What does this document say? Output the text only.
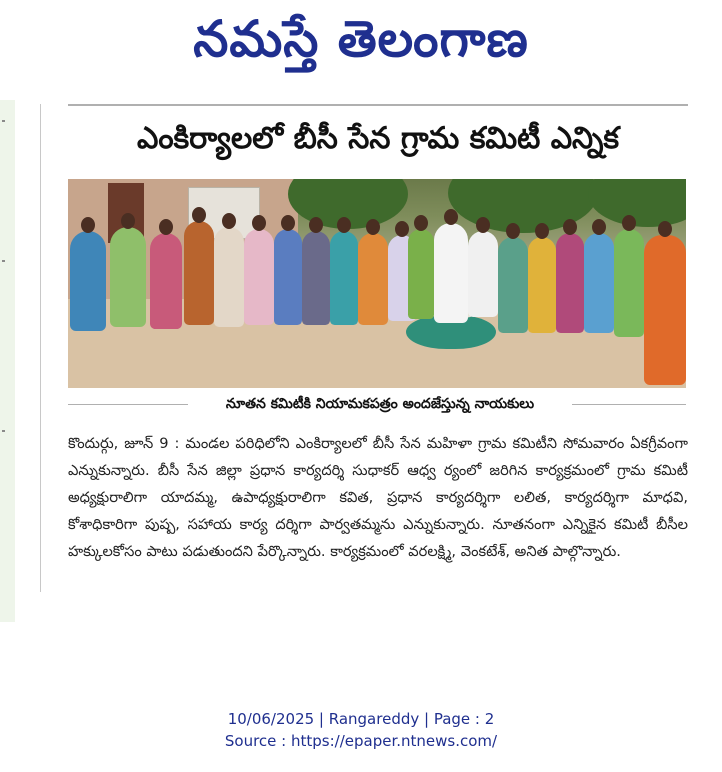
నమస్తే తెలంగాణ
ఎంకిర్యాలలో బీసీ సేన గ్రామ కమిటీ ఎన్నిక
నూతన కమిటీకి నియామకపత్రం అందజేస్తున్న నాయకులు
కొందుర్గు, జూన్ 9 : మండల పరిధిలోని ఎంకిర్యాలలో బీసీ సేన మహిళా గ్రామ కమిటీని సోమవారం ఏకగ్రీవంగా ఎన్నుకున్నారు. బీసీ సేన జిల్లా ప్రధాన కార్యదర్శి సుధాకర్ ఆధ్వ ర్యంలో జరిగిన కార్యక్రమంలో గ్రామ కమిటీ అధ్యక్షురాలిగా యాదమ్మ, ఉపాధ్యక్షురాలిగా కవిత, ప్రధాన కార్యదర్శిగా లలిత, కార్యదర్శిగా మాధవి, కోశాధికారిగా పుష్ప, సహాయ కార్య దర్శిగా పార్వతమ్మను ఎన్నుకున్నారు. నూతనంగా ఎన్నికైన కమిటీ బీసీల హక్కులకోసం పాటు పడుతుందని పేర్కొన్నారు. కార్యక్రమంలో వరలక్ష్మి, వెంకటేశ్, అనిత పాల్గొన్నారు.
10/06/2025 | Rangareddy | Page : 2
Source : https://epaper.ntnews.com/
